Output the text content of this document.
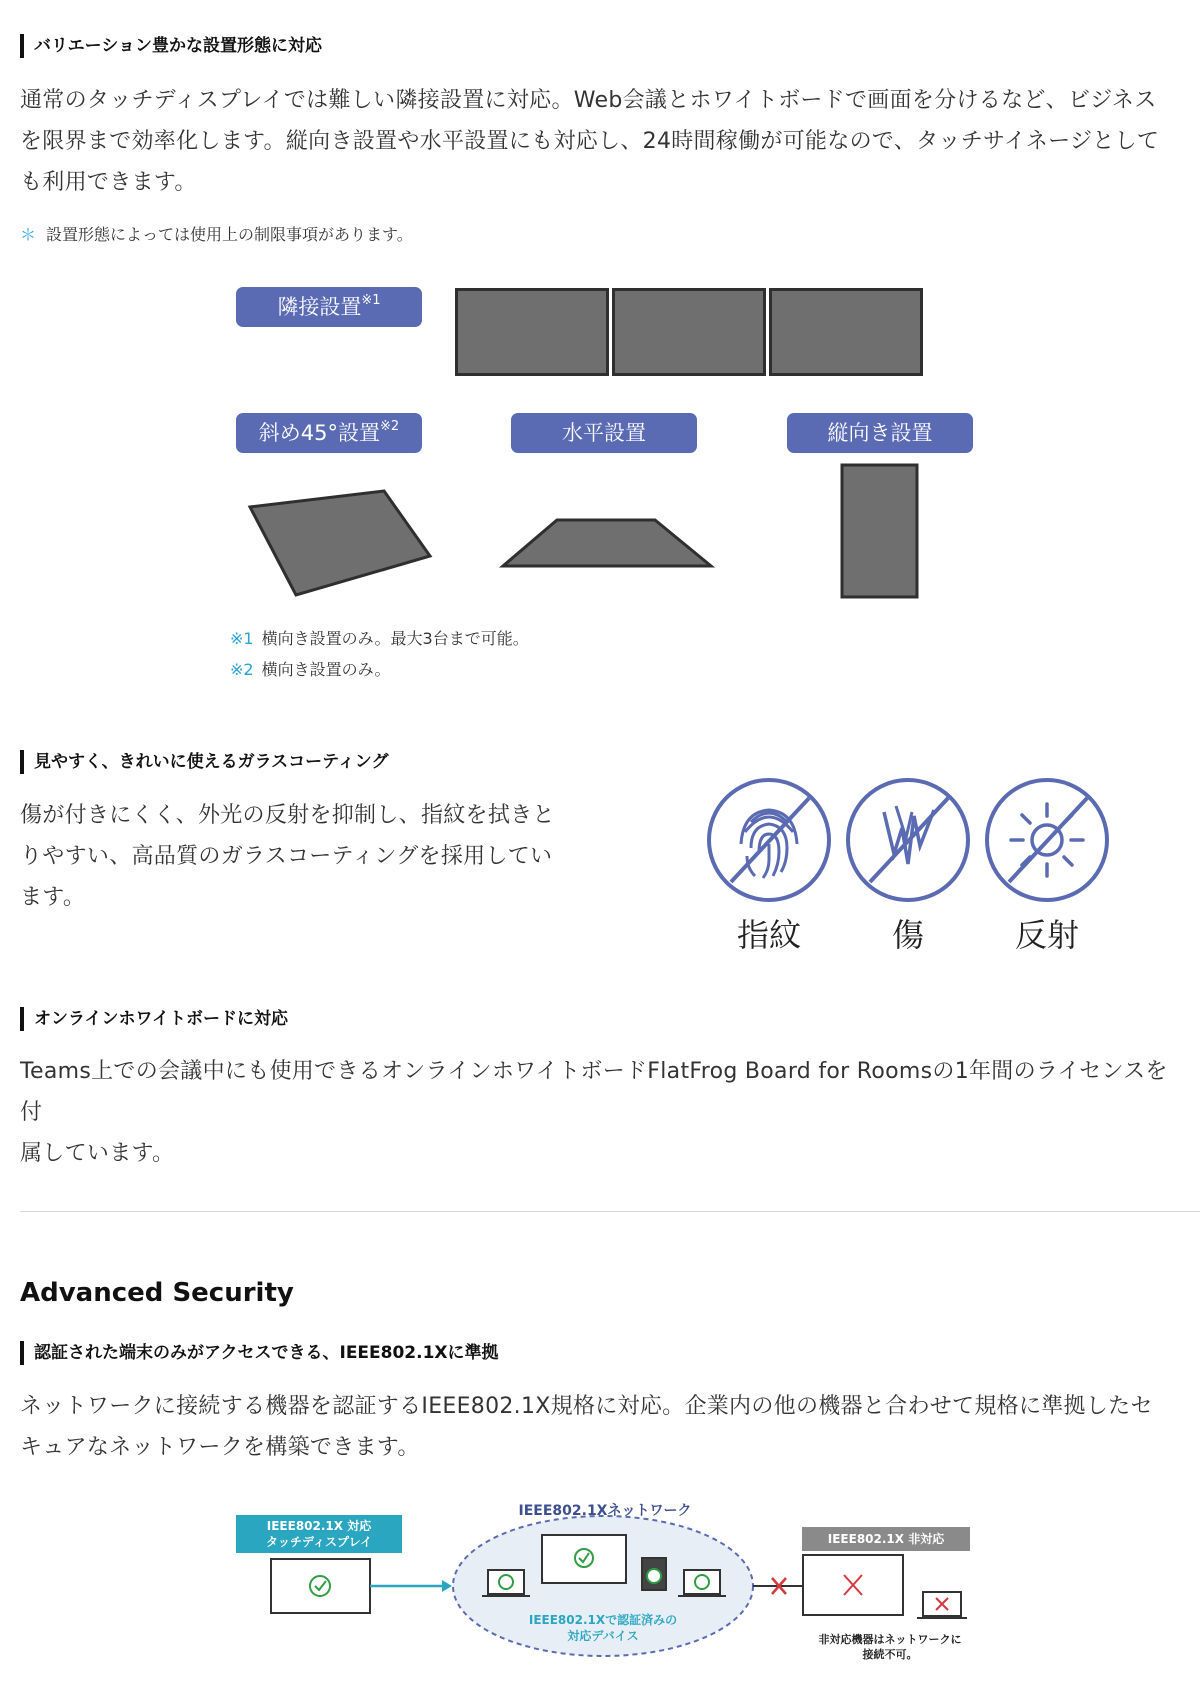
バリエーション豊かな設置形態に対応
通常のタッチディスプレイでは難しい隣接設置に対応。Web会議とホワイトボードで画面を分けるなど、ビジネス
を限界まで効率化します。縦向き設置や水平設置にも対応し、24時間稼働が可能なので、タッチサイネージとして
も利用できます。
＊ 設置形態によっては使用上の制限事項があります。
隣接設置$^{※1}$
斜め45°設置$^{※2}$	水平設置	縦向き設置
※1 横向き設置のみ。最大3台まで可能。
※2 横向き設置のみ。
見やすく、きれいに使えるガラスコーティング
傷が付きにくく、外光の反射を抑制し、指紋を拭きと
りやすい、高品質のガラスコーティングを採用してい
ます。
指紋	傷	反射
オンラインホワイトボードに対応
Teams上での会議中にも使用できるオンラインホワイトボードFlatFrog Board for Roomsの1年間のライセンスを付
属しています。
Advanced Security
認証された端末のみがアクセスできる、IEEE802.1Xに準拠
ネットワークに接続する機器を認証するIEEE802.1X規格に対応。企業内の他の機器と合わせて規格に準拠したセ
キュアなネットワークを構築できます。
IEEE802.1X 対応
タッチディスプレイ
IEEE802.1Xネットワーク
IEEE802.1Xで認証済みの
対応デバイス
IEEE802.1X 非対応
非対応機器はネットワークに
接続不可。
